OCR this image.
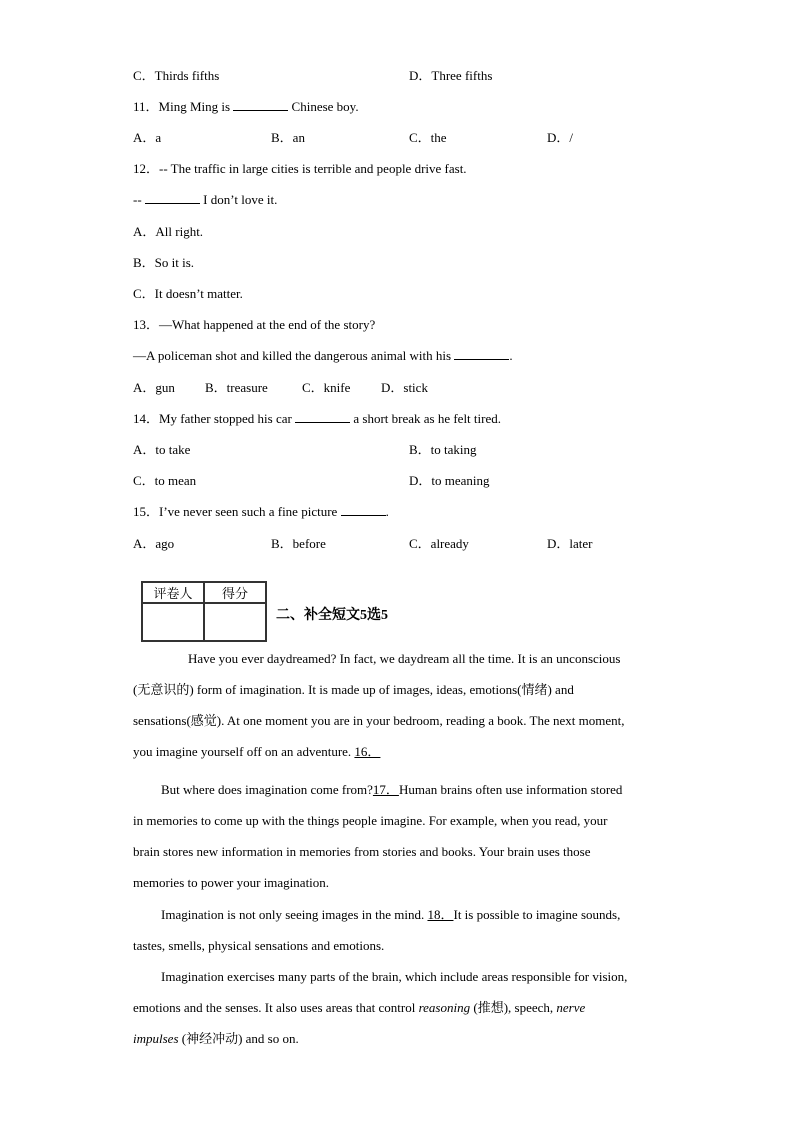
C．Thirds fifths	D．Three fifths
11．Ming Ming is	Chinese boy.
A．a	B．an	C．the	D．/
12．-- The traffic in large cities is terrible and people drive fast.
--	I don’t love it.
A．All right.
B．So it is.
C．It doesn’t matter.
13．—What happened at the end of the story?
—A policeman shot and killed the dangerous animal with his	.
A．gun B．treasure	C．knife D．stick
14．My father stopped his car	a short break as he felt tired.
A．to take	B．to taking
C．to mean	D．to meaning
15．I’ve never seen such a fine picture	.
A．ago	B．before	C．already	D．later
评卷人	得分

二、补全短文5选5
Have you ever daydreamed? In fact, we daydream all the time. It is an unconscious
(无意识的) form of imagination. It is made up of images, ideas, emotions(情绪) and
sensations(感觉). At one moment you are in your bedroom, reading a book. The next moment,
you imagine yourself off on an adventure. 16．
But where does imagination come from?17．Human brains often use information stored
in memories to come up with the things people imagine. For example, when you read, your
brain stores new information in memories from stories and books. Your brain uses those
memories to power your imagination.
Imagination is not only seeing images in the mind. 18．It is possible to imagine sounds,
tastes, smells, physical sensations and emotions.
Imagination exercises many parts of the brain, which include areas responsible for vision,
emotions and the senses. It also uses areas that control reasoning (推想), speech, nerve
impulses (神经冲动) and so on.
